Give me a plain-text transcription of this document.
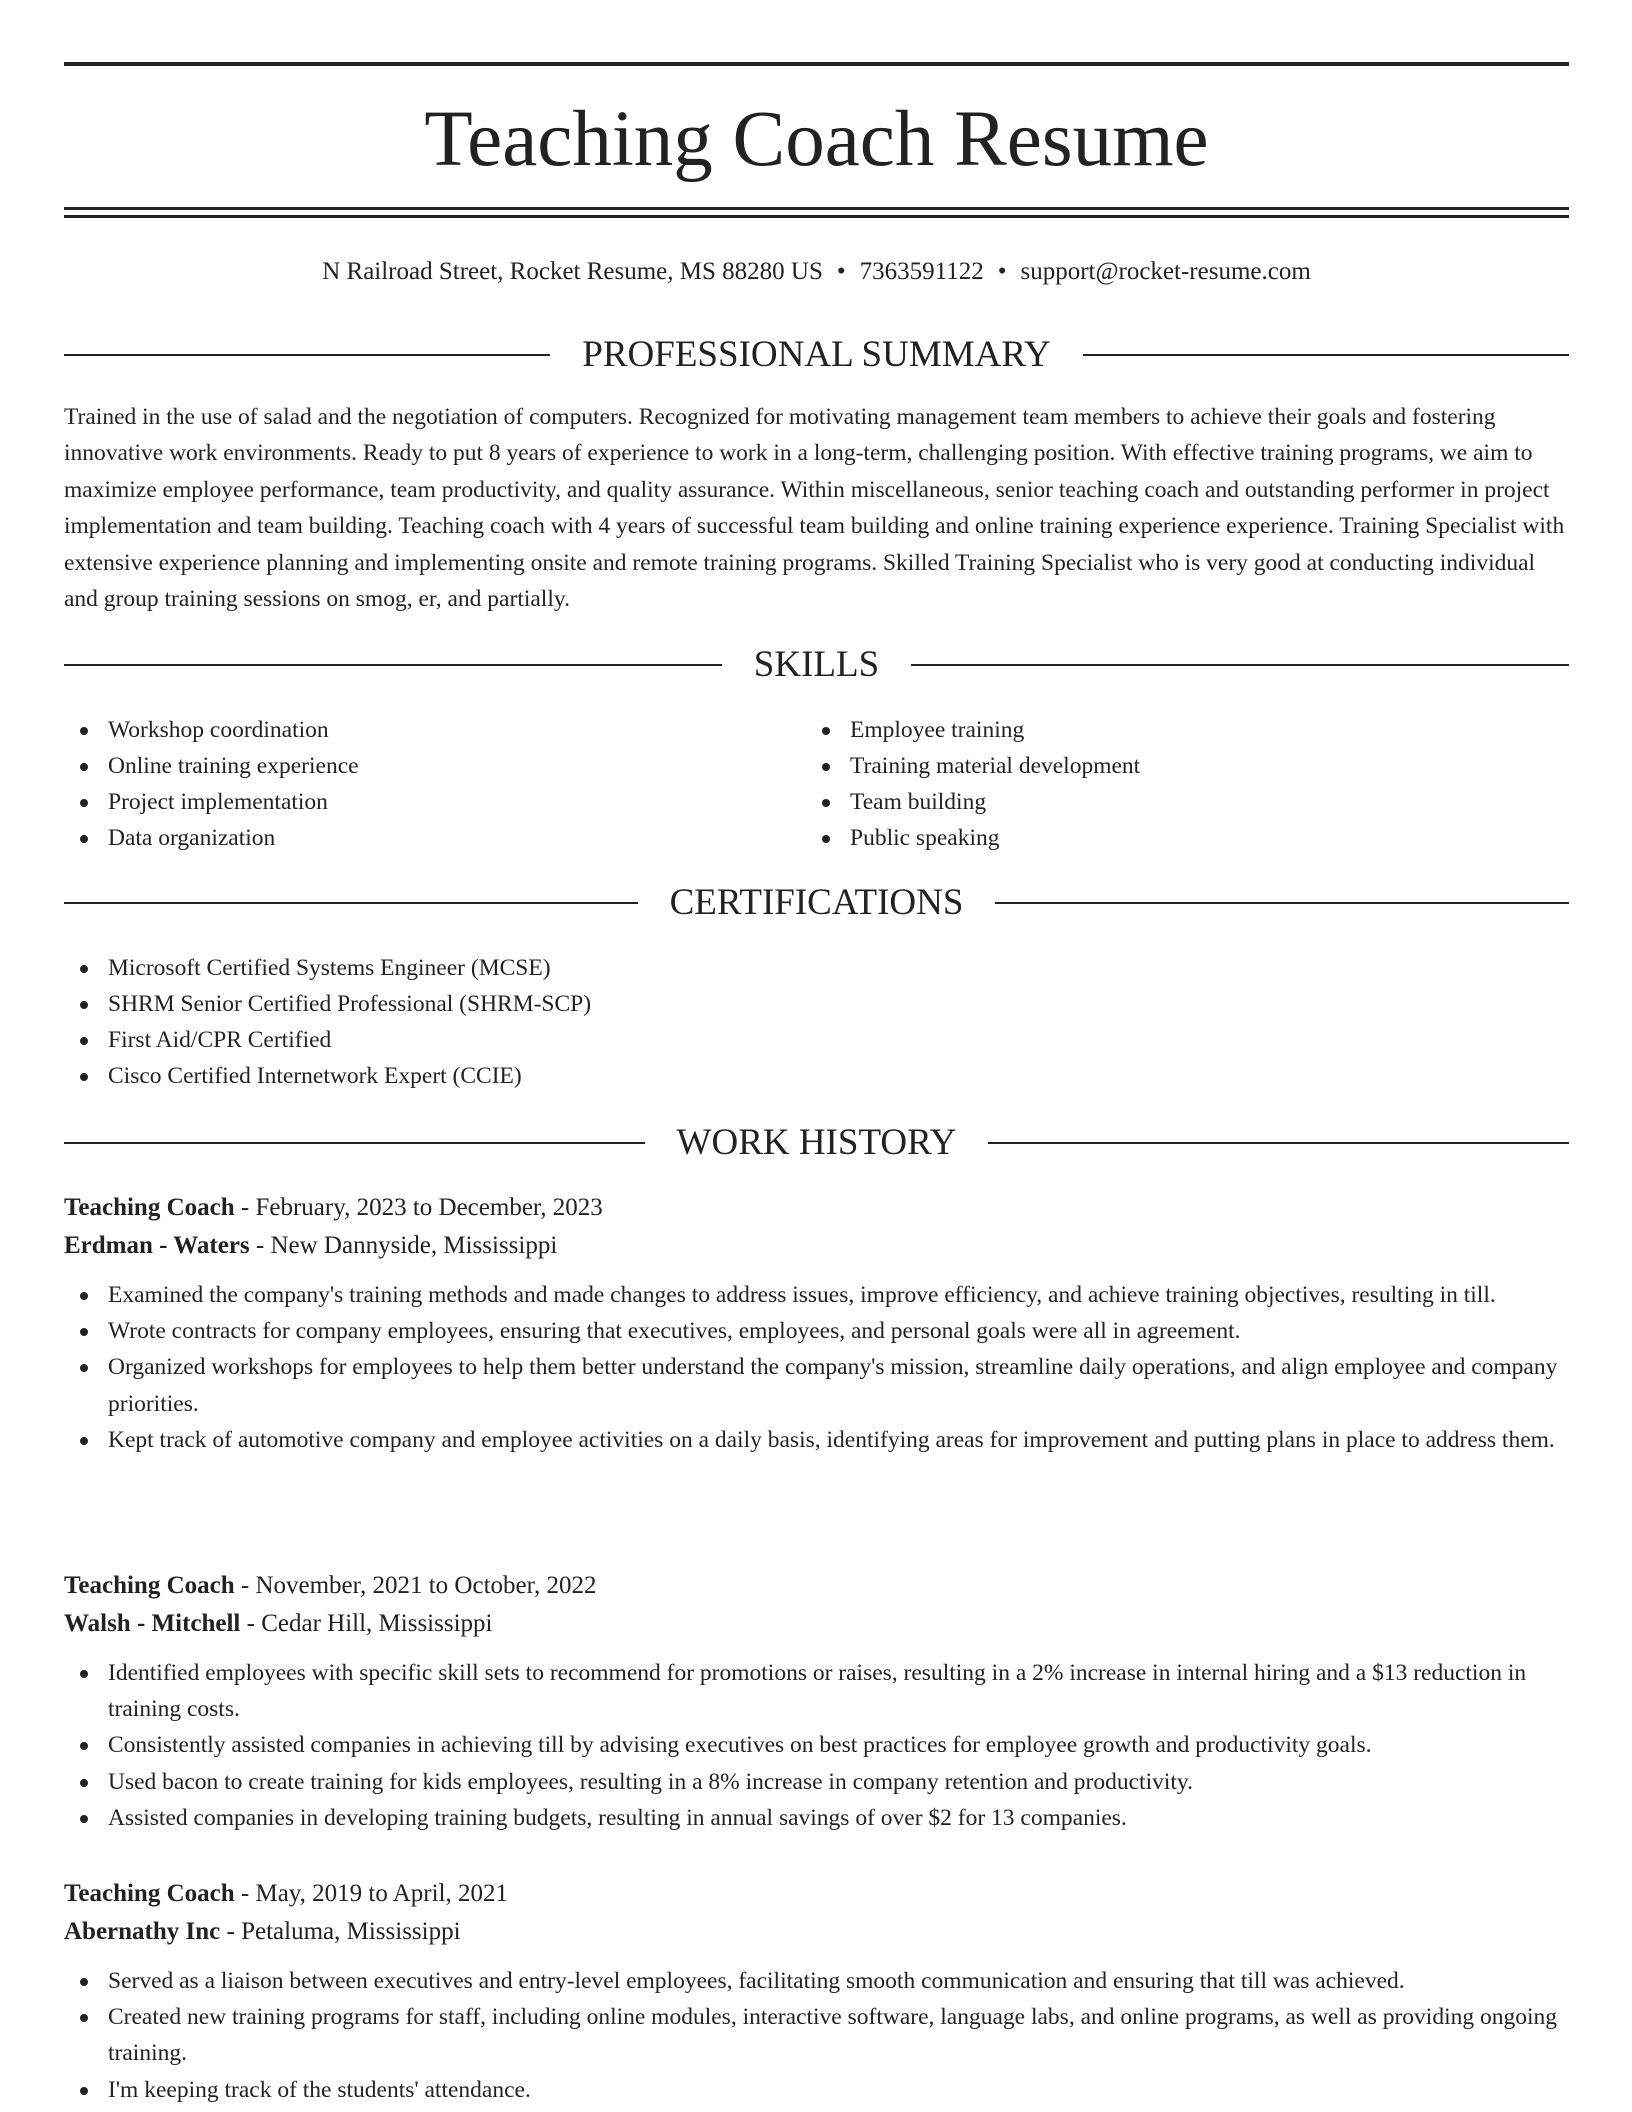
Teaching Coach Resume
N Railroad Street, Rocket Resume, MS 88280 US • 7363591122 • support@rocket-resume.com
PROFESSIONAL SUMMARY

Trained in the use of salad and the negotiation of computers. Recognized for motivating management team members to achieve their goals and fostering innovative work environments. Ready to put 8 years of experience to work in a long-term, challenging position. With effective training programs, we aim to maximize employee performance, team productivity, and quality assurance. Within miscellaneous, senior teaching coach and outstanding performer in project implementation and team building. Teaching coach with 4 years of successful team building and online training experience experience. Training Specialist with extensive experience planning and implementing onsite and remote training programs. Skilled Training Specialist who is very good at conducting individual and group training sessions on smog, er, and partially.

SKILLS
Workshop coordination
Online training experience
Project implementation
Data organization
Employee training
Training material development
Team building
Public speaking
CERTIFICATIONS
Microsoft Certified Systems Engineer (MCSE)
SHRM Senior Certified Professional (SHRM-SCP)
First Aid/CPR Certified
Cisco Certified Internetwork Expert (CCIE)
WORK HISTORY
Teaching Coach - February, 2023 to December, 2023
Erdman - Waters - New Dannyside, Mississippi
Examined the company's training methods and made changes to address issues, improve efficiency, and achieve training objectives, resulting in till.
Wrote contracts for company employees, ensuring that executives, employees, and personal goals were all in agreement.
Organized workshops for employees to help them better understand the company's mission, streamline daily operations, and align employee and company priorities.
Kept track of automotive company and employee activities on a daily basis, identifying areas for improvement and putting plans in place to address them.
Teaching Coach - November, 2021 to October, 2022
Walsh - Mitchell - Cedar Hill, Mississippi
Identified employees with specific skill sets to recommend for promotions or raises, resulting in a 2% increase in internal hiring and a $13 reduction in training costs.
Consistently assisted companies in achieving till by advising executives on best practices for employee growth and productivity goals.
Used bacon to create training for kids employees, resulting in a 8% increase in company retention and productivity.
Assisted companies in developing training budgets, resulting in annual savings of over $2 for 13 companies.
Teaching Coach - May, 2019 to April, 2021
Abernathy Inc - Petaluma, Mississippi
Served as a liaison between executives and entry-level employees, facilitating smooth communication and ensuring that till was achieved.
Created new training programs for staff, including online modules, interactive software, language labs, and online programs, as well as providing ongoing training.
I'm keeping track of the students' attendance.
